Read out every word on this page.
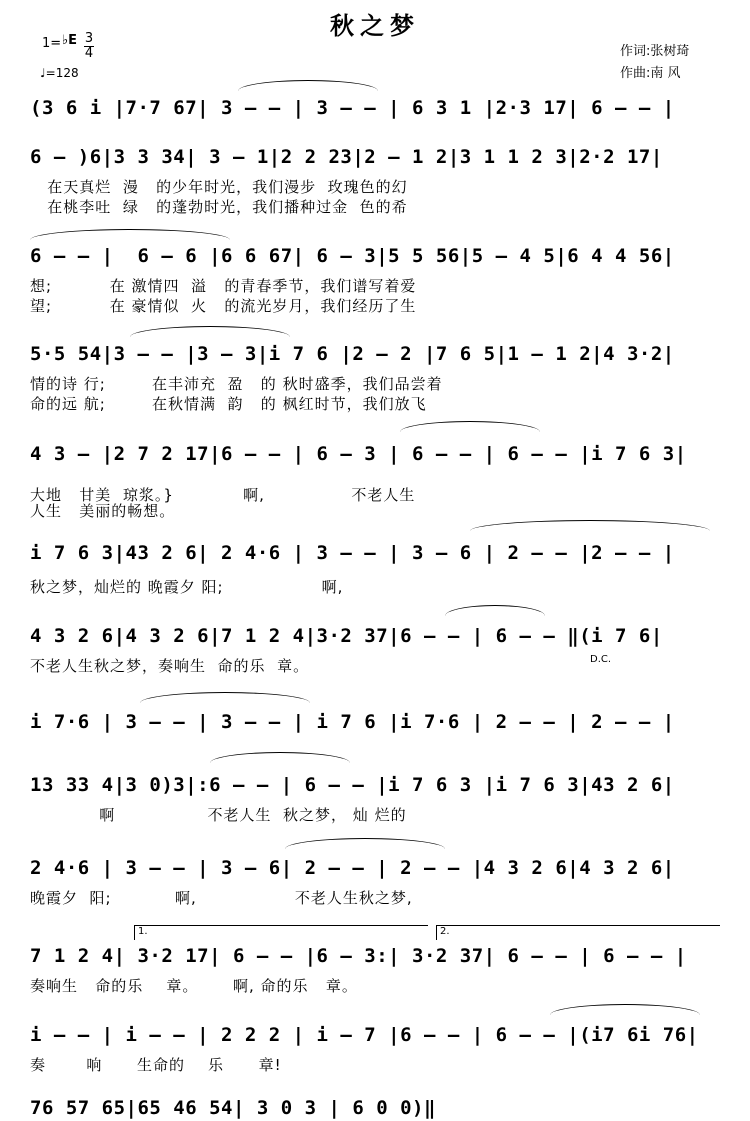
秋之梦
1= ♭E 3
4
♩=128
作词:张树琦
作曲:南 风
(3 6 i |7·7 67| 3 — — | 3 — — | 6 3 1 |2·3 17| 6 — — |
6 — )6|3 3 34| 3 — 1|2 2 23|2 — 1 2|3 1 1 2 3|2·2 17|
在天真烂  漫   的少年时光，我们漫步  玫瑰色的幻
在桃李吐  绿   的蓬勃时光，我们播种过金  色的希
6 — — |  6 — 6 |6 6 67| 6 — 3|5 5 56|5 — 4 5|6 4 4 56|
想;          在 激情四  溢   的青春季节，我们谱写着爱
望;          在 豪情似  火   的流光岁月，我们经历了生
5·5 54|3 — — |3 — 3|i 7 6 |2 — 2 |7 6 5|1 — 1 2|4 3·2|
情的诗 行;        在丰沛充  盈   的 秋时盛季，我们品尝着
命的远 航;        在秋情满  韵   的 枫红时节，我们放飞
4 3 — |2 7 2 17|6 — — | 6 — 3 | 6 — — | 6 — — |i 7 6 3|
大地   甘美  琼浆。}            啊,               不老人生
人生   美丽的畅想。
i 7 6 3|43 2 6| 2 4·6 | 3 — — | 3 — 6 | 2 — — |2 — — |
秋之梦，灿烂的 晚霞夕 阳;                 啊,
4 3 2 6|4 3 2 6|7 1 2 4|3·2 37|6 — — | 6 — — ‖(i 7 6|
不老人生秋之梦，奏响生  命的乐  章。	D.C.
i 7·6 | 3 — — | 3 — — | i 7 6 |i 7·6 | 2 — — | 2 — — |
13 33 4|3 0)3|:6 — — | 6 — — |i 7 6 3 |i 7 6 3|43 2 6|
啊                不老人生  秋之梦， 灿 烂的
2 4·6 | 3 — — | 3 — 6| 2 — — | 2 — — |4 3 2 6|4 3 2 6|
晚霞夕  阳;           啊,                 不老人生秋之梦,
1.	2.
7 1 2 4| 3·2 17| 6 — — |6 — 3:| 3·2 37| 6 — — | 6 — — |
奏响生   命的乐    章。      啊, 命的乐   章。
i — — | i — — | 2 2 2 | i — 7 |6 — — | 6 — — |(i7 6i 76|
奏       响      生命的    乐      章!
76 57 65|65 46 54| 3 0 3 | 6 0 0)‖
